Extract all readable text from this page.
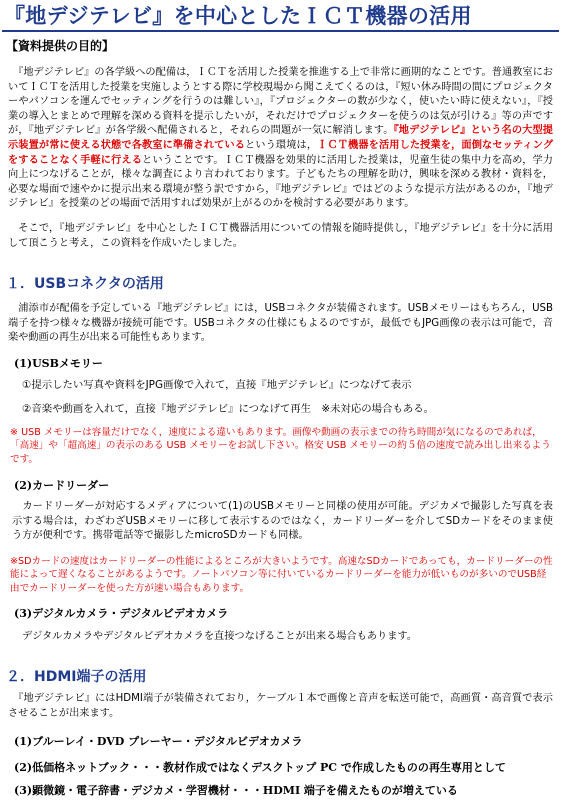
『地デジテレビ』を中心としたＩＣＴ機器の活用
【資料提供の目的】
　『地デジテレビ』の各学級への配備は，ＩＣＴを活用した授業を推進する上で非常に画期的なことです。普通教室においてＩＣＴを活用した授業を実施しようとする際に学校現場から聞こえてくるのは，『短い休み時間の間にプロジェクターやパソコンを運んでセッティングを行うのは難しい』，『プロジェクターの数が少なく，使いたい時に使えない』，『授業の導入とまとめで理解を深める資料を提示したいが，それだけでプロジェクターを使うのは気が引ける』等の声ですが，『地デジテレビ』が各学級へ配備されると，それらの問題が一気に解消します。『地デジテレビ』という名の大型提示装置が常に使える状態で各教室に準備されているという環境は，ＩＣＴ機器を活用した授業を，面倒なセッティングをすることなく手軽に行えるということです。ＩＣＴ機器を効果的に活用した授業は，児童生徒の集中力を高め，学力向上につなげることが，様々な調査により言われております。子どもたちの理解を助け，興味を深める教材・資料を，必要な場面で速やかに提示出来る環境が整う訳ですから，『地デジテレビ』ではどのような提示方法があるのか，『地デジテレビ』を授業のどの場面で活用すれば効果が上がるのかを検討する必要があります。
　そこで，『地デジテレビ』を中心としたＩＣＴ機器活用についての情報を随時提供し，『地デジテレビ』を十分に活用して頂こうと考え，この資料を作成いたしました。
１．USBコネクタの活用
　浦添市が配備を予定している『地デジテレビ』には，USBコネクタが装備されます。USBメモリーはもちろん，USB端子を持つ様々な機器が接続可能です。USBコネクタの仕様にもよるのですが，最低でもJPG画像の表示は可能で，音楽や動画の再生が出来る可能性もあります。
(1)USBメモリー
①提示したい写真や資料をJPG画像で入れて，直接『地デジテレビ』につなげて表示
②音楽や動画を入れて，直接『地デジテレビ』につなげて再生　※未対応の場合もある。
※ USB メモリーは容量だけでなく，速度による違いもあります。画像や動画の表示までの待ち時間が気になるのであれば，「高速」や「超高速」の表示のある USB メモリーをお試し下さい。格安 USB メモリーの約５倍の速度で読み出し出来るようです。
(2)カードリーダー
　カードリーダーが対応するメディアについて(1)のUSBメモリーと同様の使用が可能。デジカメで撮影した写真を表示する場合は，わざわざUSBメモリーに移して表示するのではなく，カードリーダーを介してSDカードをそのまま使う方が便利です。携帯電話等で撮影したmicroSDカードも同様。
※SDカードの速度はカードリーダーの性能によるところが大きいようです。高速なSDカードであっても，カードリーダーの性能によって遅くなることがあるようです。ノートパソコン等に付いているカードリーダーを能力が低いものが多いのでUSB経由でカードリーダーを使った方が速い場合もあります。
(3)デジタルカメラ・デジタルビデオカメラ
　デジタルカメラやデジタルビデオカメラを直接つなげることが出来る場合もあります。
２．HDMI端子の活用
　『地デジテレビ』にはHDMI端子が装備されており，ケーブル１本で画像と音声を転送可能で，高画質・高音質で表示させることが出来ます。
(1)ブルーレイ・DVD プレーヤー・デジタルビデオカメラ
(2)低価格ネットブック・・・教材作成ではなくデスクトップ PC で作成したものの再生専用として
(3)顕微鏡・電子辞書・デジカメ・学習機材・・・HDMI 端子を備えたものが増えている
